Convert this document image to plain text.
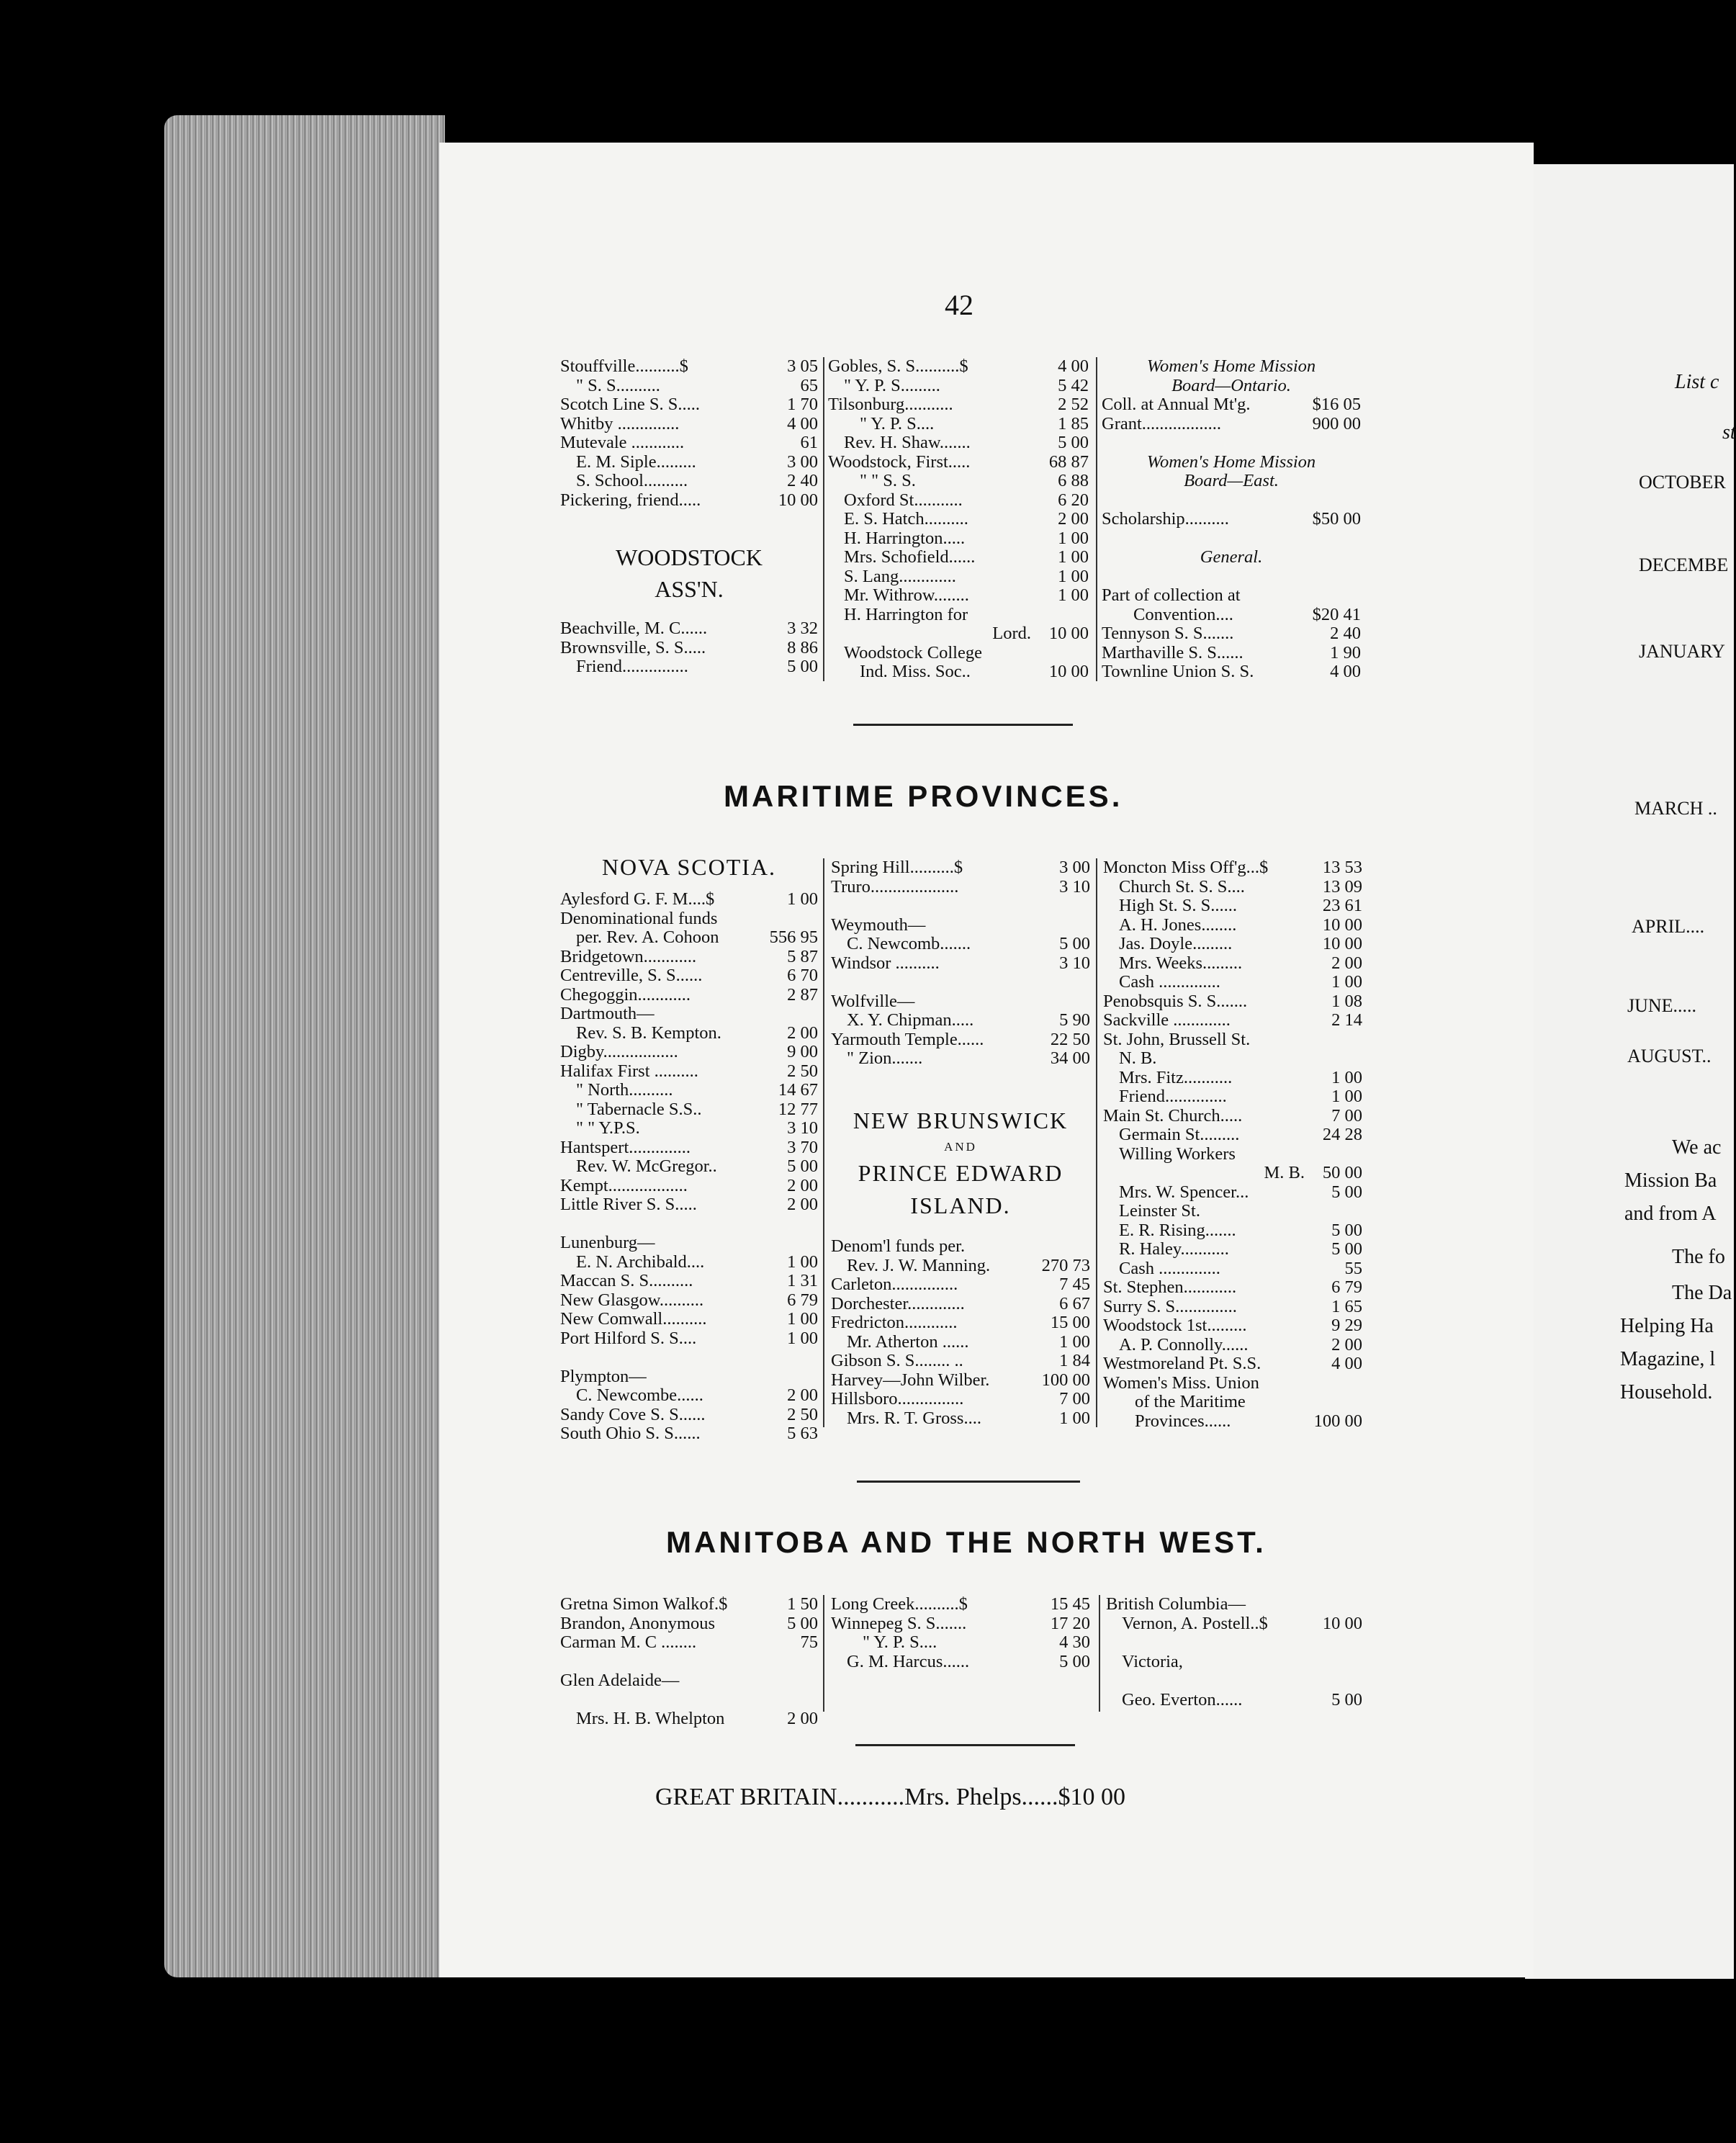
42
Stouffville..........$	3 05
" S. S..........	65
Scotch Line S. S.....	1 70
Whitby ..............	4 00
Mutevale ............	61
E. M. Siple.........	3 00
S. School..........	2 40
Pickering, friend.....	10 00
WOODSTOCK
ASS'N.
Beachville, M. C......	3 32
Brownsville, S. S.....	8 86
Friend...............	5 00
Gobles, S. S..........$	4 00
" Y. P. S.........	5 42
Tilsonburg...........	2 52
" Y. P. S....	1 85
Rev. H. Shaw.......	5 00
Woodstock, First.....	68 87
" " S. S.	6 88
Oxford St...........	6 20
E. S. Hatch..........	2 00
H. Harrington.....	1 00
Mrs. Schofield......	1 00
S. Lang.............	1 00
Mr. Withrow........	1 00
H. Harrington for
Lord.	10 00
Woodstock College
Ind. Miss. Soc..	10 00
Women's Home Mission
Board—Ontario.
Coll. at Annual Mt'g.	$16 05
Grant..................	900 00

Women's Home Mission
Board—East.

Scholarship..........	$50 00

General.

Part of collection at
Convention....	$20 41
Tennyson S. S.......	2 40
Marthaville S. S......	1 90
Townline Union S. S.	4 00
MARITIME PROVINCES.
NOVA SCOTIA.
Aylesford G. F. M....$	1 00
Denominational funds
per. Rev. A. Cohoon	556 95
Bridgetown............	5 87
Centreville, S. S......	6 70
Chegoggin............	2 87
Dartmouth—
Rev. S. B. Kempton.	2 00
Digby.................	9 00
Halifax First ..........	2 50
" North..........	14 67
" Tabernacle S.S..	12 77
" " Y.P.S.	3 10
Hantspert..............	3 70
Rev. W. McGregor..	5 00
Kempt..................	2 00
Little River S. S.....	2 00

Lunenburg—
E. N. Archibald....	1 00
Maccan S. S..........	1 31
New Glasgow..........	6 79
New Comwall..........	1 00
Port Hilford S. S....	1 00

Plympton—
C. Newcombe......	2 00
Sandy Cove S. S......	2 50
South Ohio S. S......	5 63
Spring Hill..........$	3 00
Truro....................	3 10

Weymouth—
C. Newcomb.......	5 00
Windsor ..........	3 10

Wolfville—
X. Y. Chipman.....	5 90
Yarmouth Temple......	22 50
" Zion.......	34 00
NEW BRUNSWICK
AND
PRINCE EDWARD
ISLAND.
Denom'l funds per.
Rev. J. W. Manning.	270 73
Carleton...............	7 45
Dorchester.............	6 67
Fredricton............	15 00
Mr. Atherton ......	1 00
Gibson S. S........ ..	1 84
Harvey—John Wilber.	100 00
Hillsboro...............	7 00
Mrs. R. T. Gross....	1 00
Moncton Miss Off'g...$	13 53
Church St. S. S....	13 09
High St. S. S......	23 61
A. H. Jones........	10 00
Jas. Doyle.........	10 00
Mrs. Weeks.........	2 00
Cash ..............	1 00
Penobsquis S. S.......	1 08
Sackville .............	2 14
St. John, Brussell St.
N. B.
Mrs. Fitz...........	1 00
Friend..............	1 00
Main St. Church.....	7 00
Germain St.........	24 28
Willing Workers
M. B.	50 00
Mrs. W. Spencer...	5 00
Leinster St.
E. R. Rising.......	5 00
R. Haley...........	5 00
Cash ..............	55
St. Stephen............	6 79
Surry S. S..............	1 65
Woodstock 1st.........	9 29
A. P. Connolly......	2 00
Westmoreland Pt. S.S.	4 00
Women's Miss. Union
of the Maritime
Provinces......	100 00
MANITOBA AND THE NORTH WEST.
Gretna Simon Walkof.$	1 50
Brandon, Anonymous	5 00
Carman M. C ........	75

Glen Adelaide—

Mrs. H. B. Whelpton	2 00
Long Creek..........$	15 45
Winnepeg S. S.......	17 20
" Y. P. S....	4 30
G. M. Harcus......	5 00
British Columbia—
Vernon, A. Postell..$	10 00

Victoria,

Geo. Everton......	5 00
GREAT BRITAIN...........Mrs. Phelps......$10 00
List c
st
OCTOBER
DECEMBE
JANUARY
MARCH ..
APRIL....
JUNE.....
AUGUST..
We ac
Mission Ba
and from A
The fo
The Da
Helping Ha
Magazine, l
Household.
